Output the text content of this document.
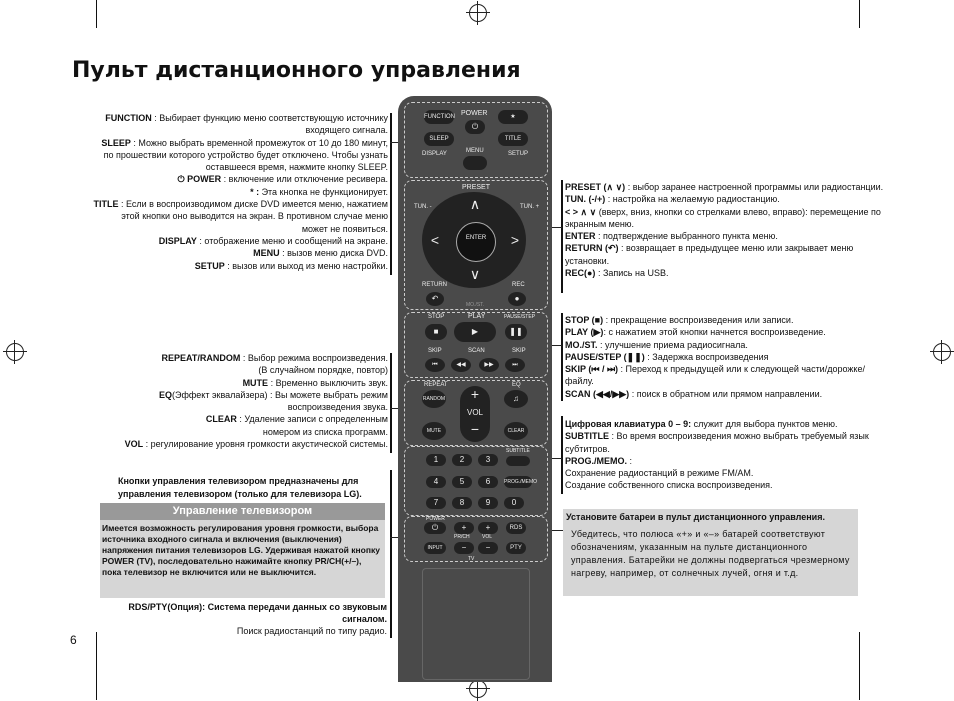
Пульт дистанционного управления
6

FUNCTION : Выбирает функцию меню соответствующую источнику

входящего сигнала.

SLEEP : Можно выбрать временной промежуток от 10 до 180 минут,

по прошествии которого устройство будет отключено. Чтобы узнать

оставшееся время, нажмите кнопку SLEEP.

⏻ POWER : включение или отключение ресивера.

* : Эта кнопка не функционирует.

TITLE : Если в воспроизводимом диске DVD имеется меню, нажатием

этой кнопки оно выводится на экран. В противном случае меню

может не появиться.

DISPLAY : отображение меню и сообщений на экране.

MENU : вызов меню диска DVD.

SETUP : вызов или выход из меню настройки.

REPEAT/RANDOM : Выбор режима воспроизведения.

(В случайном порядке, повтор)

MUTE : Временно выключить звук.

EQ(Эффект эквалайзера) : Вы можете выбрать режим

воспроизведения звука.

CLEAR : Удаление записи с определенным

номером из списка программ.

VOL : регулирование уровня громкости акустической системы.

Кнопки управления телевизором предназначены для управления телевизором (только для телевизора LG).
Управление телевизором
Имеется возможность регулирования уровня громкости, выбора источника входного сигнала и включения (выключения) напряжения питания телевизоров LG. Удерживая нажатой кнопку POWER (TV), последовательно нажимайте кнопку PR/CH(+/–), пока телевизор не включится или не выключится.
RDS/PTY(Опция): Система передачи данных со звуковым сигналом.
Поиск радиостанций по типу радио.

PRESET (∧ ∨) : выбор заранее настроенной программы или радиостанции.

TUN. (-/+) : настройка на желаемую радиостанцию.

< > ∧ ∨ (вверх, вниз, кнопки со стрелками влево, вправо): перемещение по экранным меню.

ENTER : подтверждение выбранного пункта меню.

RETURN (↶) : возвращает в предыдущее меню или закрывает меню установки.

REC(●) : Запись на USB.

STOP (■) : прекращение воспроизведения или записи.

PLAY (▶): с нажатием этой кнопки начнется воспроизведение.

MO./ST. : улучшение приема радиосигнала.

PAUSE/STEP (❚❚) : Задержка воспроизведения

SKIP (⏮ / ⏭) : Переход к предыдущей или к следующей части/дорожке/файлу.

SCAN (◀◀/▶▶) : поиск в обратном или прямом направлении.

Цифровая клавиатура 0 – 9: служит для выбора пунктов меню.

SUBTITLE : Во время воспроизведения можно выбрать требуемый язык субтитров.

PROG./MEMO. :

Сохранение радиостанций в режиме FM/AM.

Создание собственного списка воспроизведения.

Установите батареи в пульт дистанционного управления.
Убедитесь, что полюса «+» и «–» батарей соответствуют обозначениям, указанным на пульте дистанционного управления. Батарейки не должны подвергаться чрезмерному нагреву, например, от солнечных лучей, огня и т.д.
POWER
⏻
FUNCTION	★
SLEEP	TITLE
MENU
DISPLAY	SETUP
PRESET
TUN. -	TUN. +
∧
∨
<	>
ENTER
RETURN	REC
↶	●
MO./ST.
STOP	PLAY	PAUSE/STEP
■	▶	❚❚
SKIP	SCAN	SKIP
⏮	◀◀	▶▶	⏭
REPEAT	EQ
RANDOM	♫
+
VOL
−
MUTE	CLEAR
SUBTITLE
1	2	3
4	5	6	PROG./MEMO
7	8	9	0
POWER
⏻	+	+	RDS
PR/CH VOL
INPUT	−	−	PTY
TV
